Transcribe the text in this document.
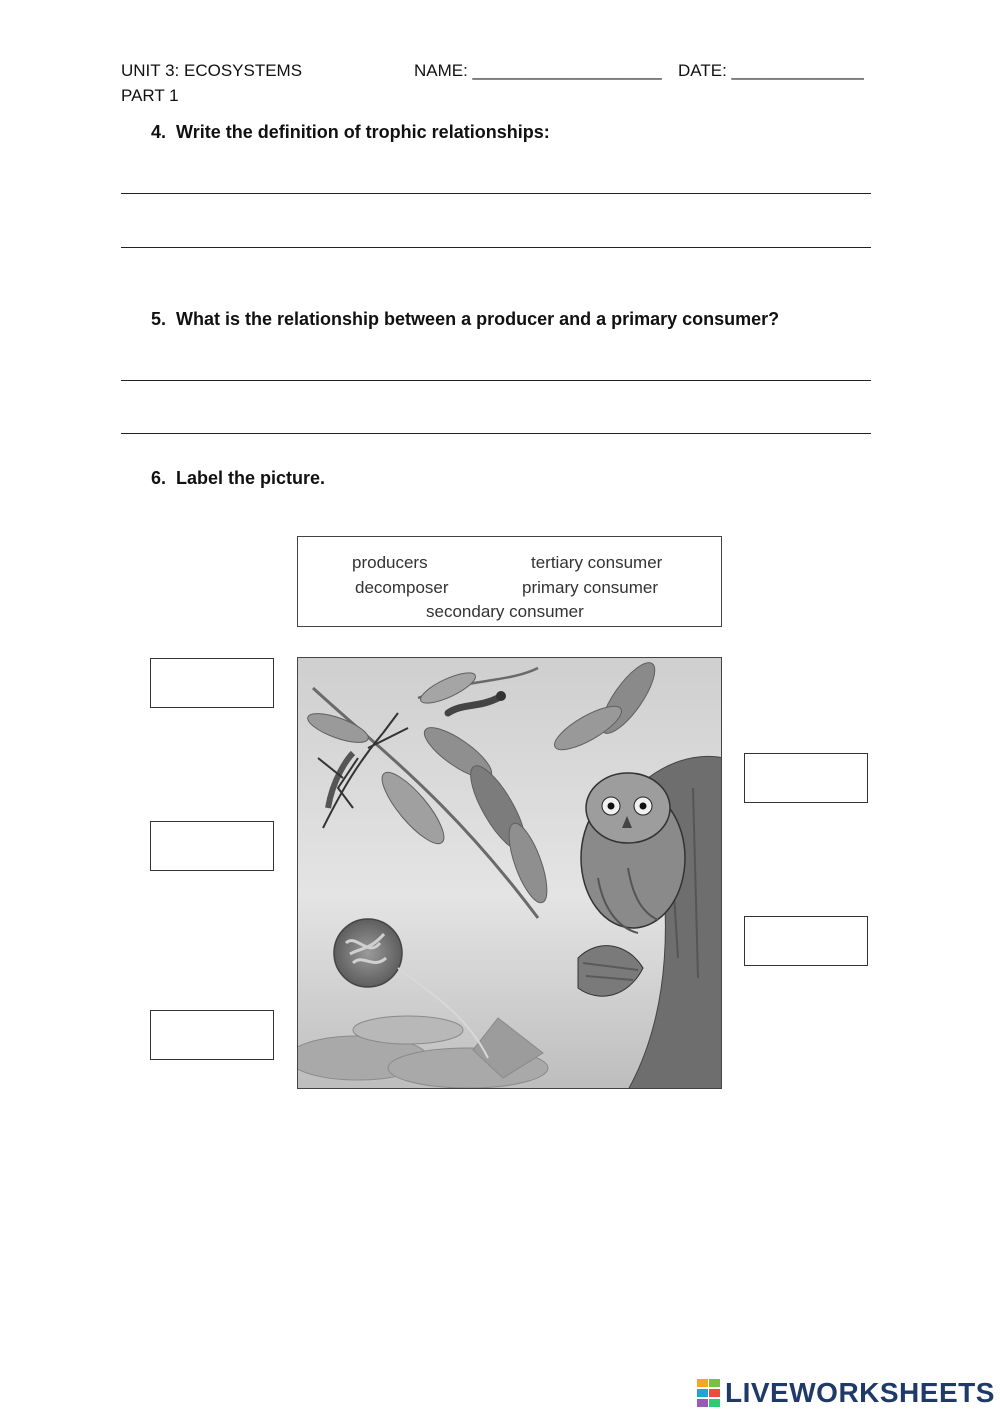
UNIT 3: ECOSYSTEMS
PART 1
NAME: ____________________ DATE: ______________
4. Write the definition of trophic relationships:
5. What is the relationship between a producer and a primary consumer?
6. Label the picture.
producers	tertiary consumer
decomposer	primary consumer
secondary consumer
LIVEWORKSHEETS
